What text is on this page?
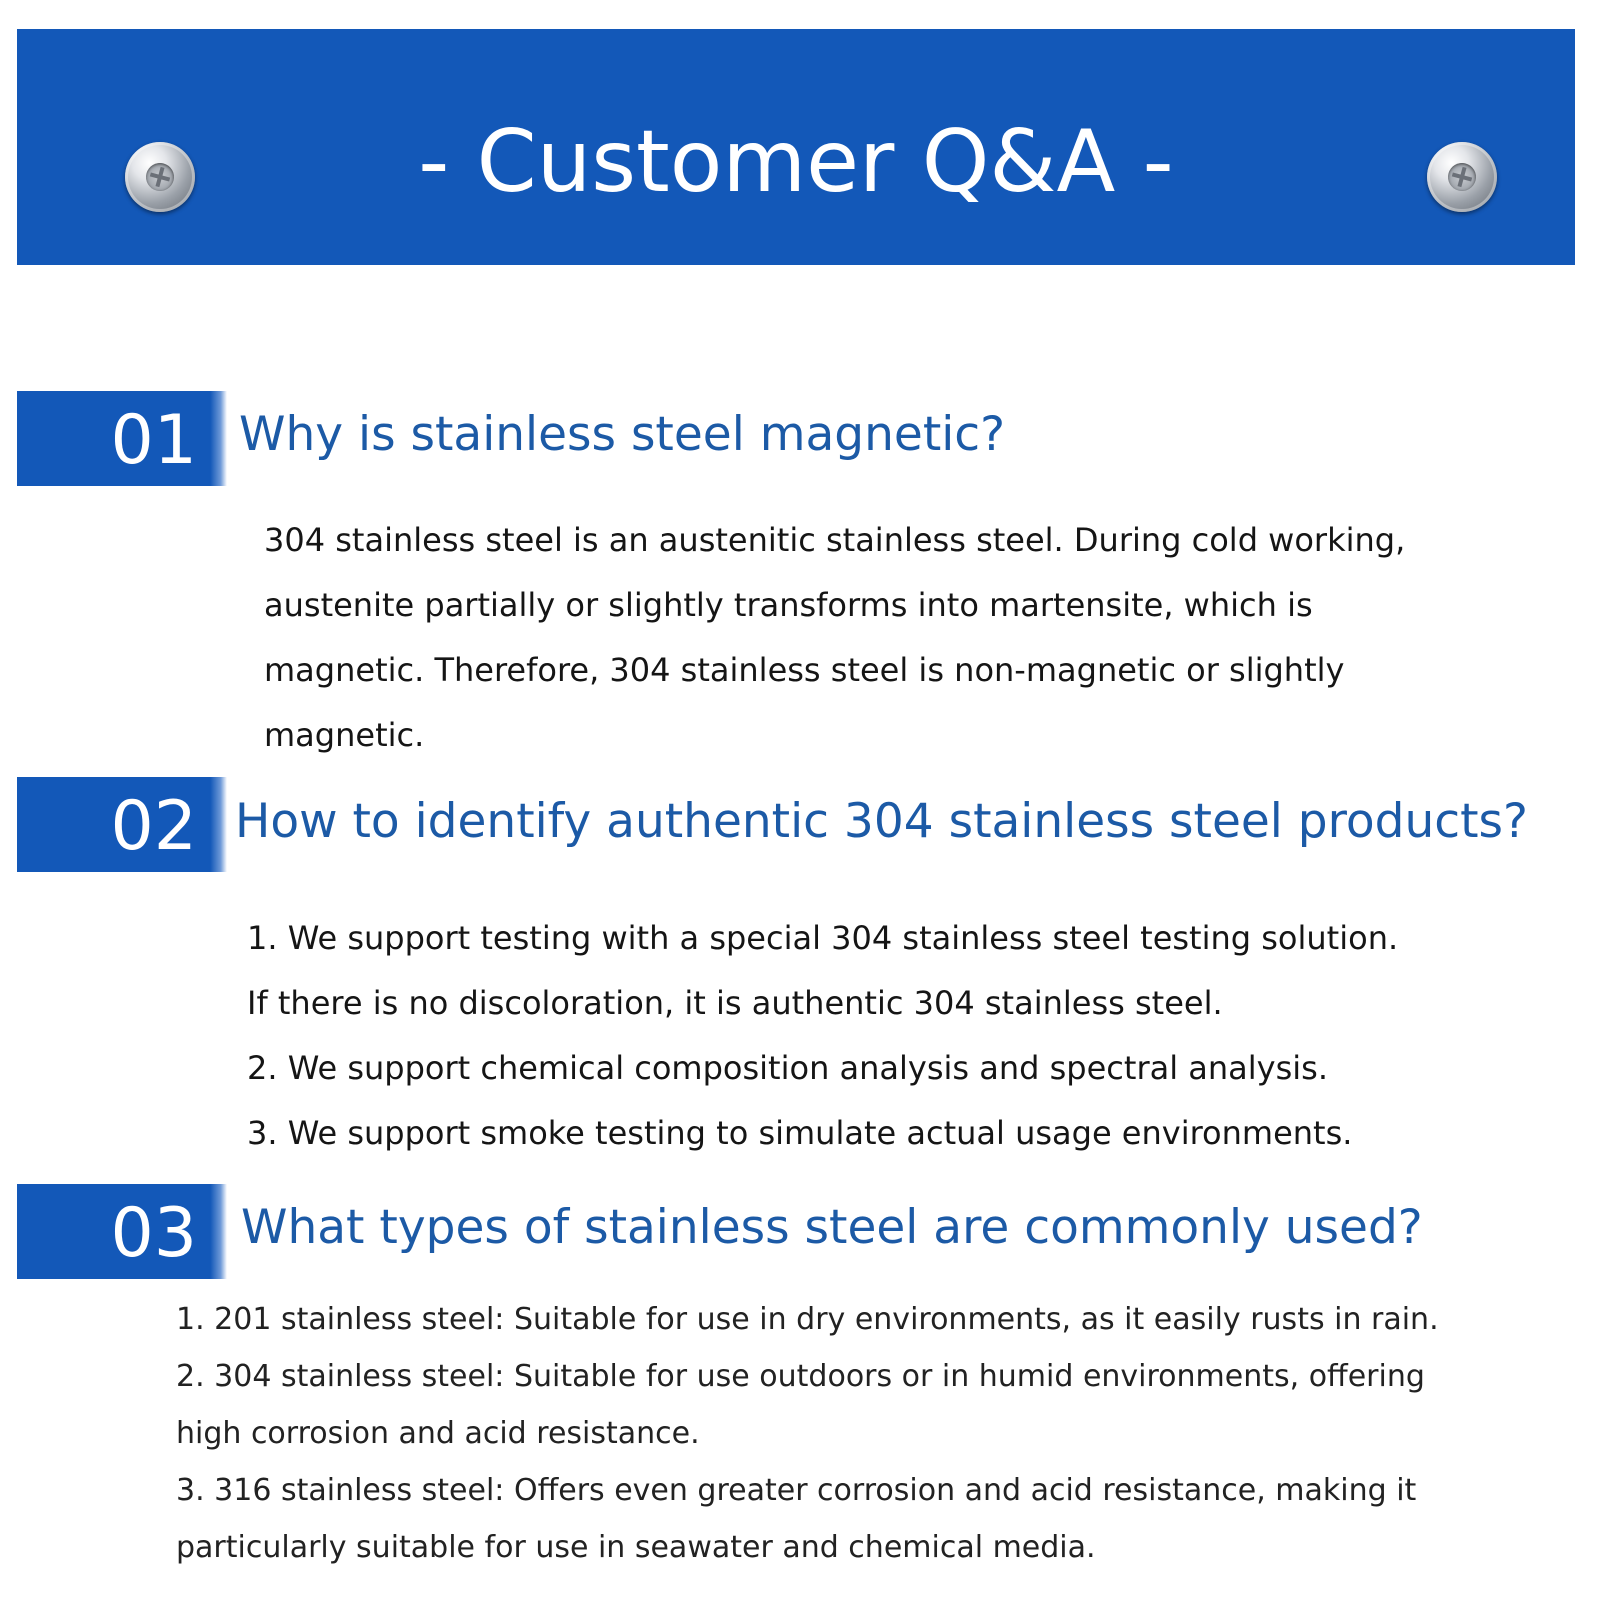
- Customer Q&A -
01 Why is stainless steel magnetic?

304 stainless steel is an austenitic stainless steel. During cold working,

austenite partially or slightly transforms into martensite, which is

magnetic. Therefore, 304 stainless steel is non-magnetic or slightly

magnetic.

02 How to identify authentic 304 stainless steel products?

1. We support testing with a special 304 stainless steel testing solution.

If there is no discoloration, it is authentic 304 stainless steel.

2. We support chemical composition analysis and spectral analysis.

3. We support smoke testing to simulate actual usage environments.

03 What types of stainless steel are commonly used?

1. 201 stainless steel: Suitable for use in dry environments, as it easily rusts in rain.

2. 304 stainless steel: Suitable for use outdoors or in humid environments, offering

high corrosion and acid resistance.

3. 316 stainless steel: Offers even greater corrosion and acid resistance, making it

particularly suitable for use in seawater and chemical media.
